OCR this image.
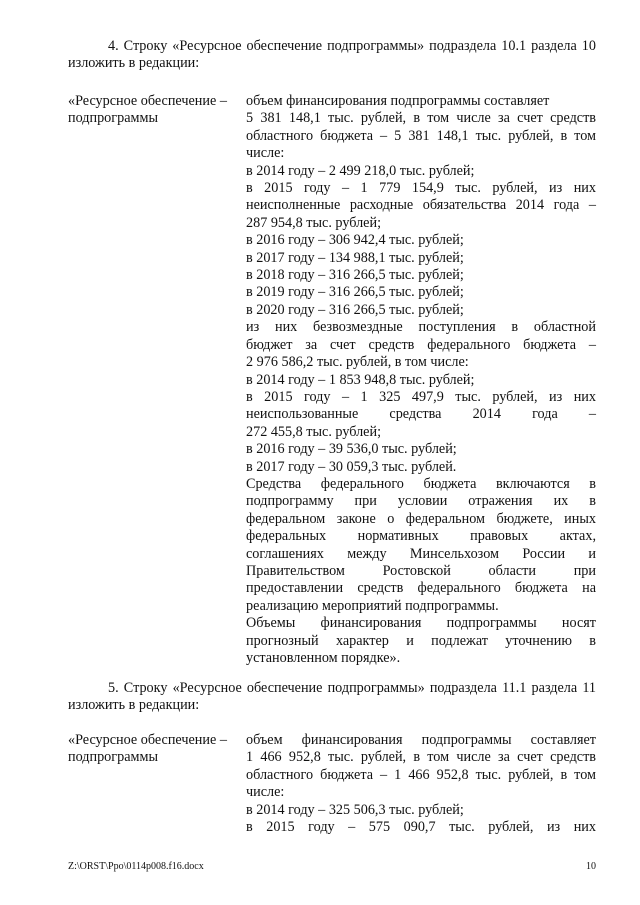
4. Строку «Ресурсное обеспечение подпрограммы» подраздела 10.1 раздела 10 изложить в редакции:
«Ресурсное обеспечение – подпрограммы
объем финансирования подпрограммы составляет
5 381 148,1 тыс. рублей, в том числе за счет средств
областного бюджета – 5 381 148,1 тыс. рублей, в том
числе:
в 2014 году – 2 499 218,0 тыс. рублей;
в 2015 году – 1 779 154,9 тыс. рублей, из них
неисполненные расходные обязательства 2014 года –
287 954,8 тыс. рублей;
в 2016 году – 306 942,4 тыс. рублей;
в 2017 году – 134 988,1 тыс. рублей;
в 2018 году – 316 266,5 тыс. рублей;
в 2019 году – 316 266,5 тыс. рублей;
в 2020 году – 316 266,5 тыс. рублей;
из них безвозмездные поступления в областной
бюджет за счет средств федерального бюджета –
2 976 586,2 тыс. рублей, в том числе:
в 2014 году – 1 853 948,8 тыс. рублей;
в 2015 году – 1 325 497,9 тыс. рублей, из них
неиспользованные средства 2014 года –
272 455,8 тыс. рублей;
в 2016 году – 39 536,0 тыс. рублей;
в 2017 году – 30 059,3 тыс. рублей.
Средства федерального бюджета включаются в
подпрограмму при условии отражения их в
федеральном законе о федеральном бюджете, иных
федеральных нормативных правовых актах,
соглашениях между Минсельхозом России и
Правительством Ростовской области при
предоставлении средств федерального бюджета на
реализацию мероприятий подпрограммы.
Объемы финансирования подпрограммы носят
прогнозный характер и подлежат уточнению в
установленном порядке».
5. Строку «Ресурсное обеспечение подпрограммы» подраздела 11.1 раздела 11 изложить в редакции:
«Ресурсное обеспечение – подпрограммы
объем финансирования подпрограммы составляет
1 466 952,8 тыс. рублей, в том числе за счет средств
областного бюджета – 1 466 952,8 тыс. рублей, в том
числе:
в 2014 году – 325 506,3 тыс. рублей;
в 2015 году – 575 090,7 тыс. рублей, из них
Z:\ORST\Ppo\0114p008.f16.docx	10
